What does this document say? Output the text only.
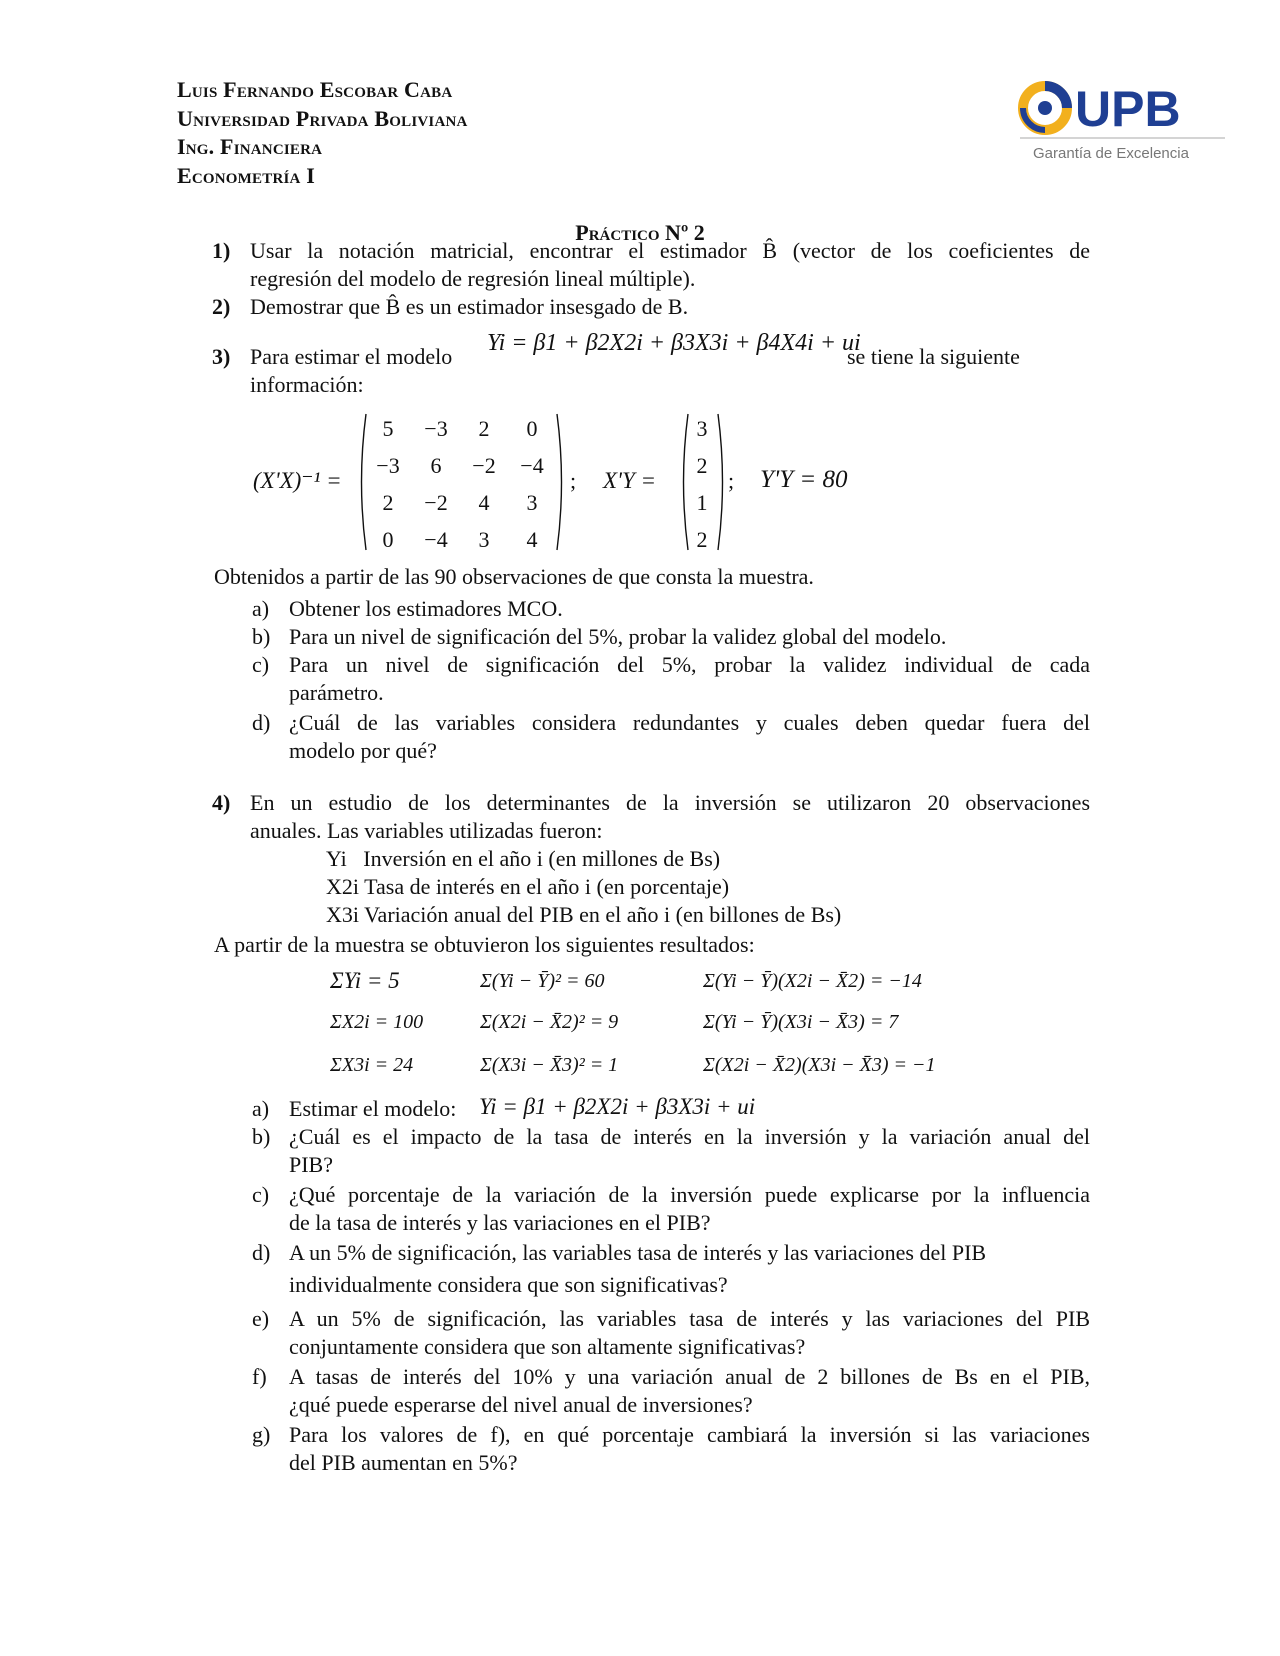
Luis Fernando Escobar Caba
Universidad Privada Boliviana
Ing. Financiera
Econometría I
UPB
Garantía de Excelencia
Práctico Nº 2
1) Usar la notación matricial, encontrar el estimador B̂ (vector de los coeficientes de
regresión del modelo de regresión lineal múltiple).
2) Demostrar que B̂ es un estimador insesgado de B.
3) Para estimar el modelo
Yi = β1 + β2X2i + β3X3i + β4X4i + ui
se tiene la siguiente
información:
(X'X)⁻¹ =
5	−3	2	0
−3	6	−2	−4
2	−2	4	3
0	−4	3	4
; X'Y =
3
2
1
2
; Y'Y = 80
Obtenidos a partir de las 90 observaciones de que consta la muestra.
a) Obtener los estimadores MCO.
b) Para un nivel de significación del 5%, probar la validez global del modelo.
c) Para un nivel de significación del 5%, probar la validez individual de cada
parámetro.
d) ¿Cuál de las variables considera redundantes y cuales deben quedar fuera del
modelo por qué?
4) En un estudio de los determinantes de la inversión se utilizaron 20 observaciones
anuales. Las variables utilizadas fueron:
Yi   Inversión en el año i (en millones de Bs)
X2i Tasa de interés en el año i (en porcentaje)
X3i Variación anual del PIB en el año i (en billones de Bs)
A partir de la muestra se obtuvieron los siguientes resultados:
ΣYi = 5	Σ(Yi − Ȳ)² = 60	Σ(Yi − Ȳ)(X2i − X̄2) = −14
ΣX2i = 100	Σ(X2i − X̄2)² = 9	Σ(Yi − Ȳ)(X3i − X̄3) = 7
ΣX3i = 24	Σ(X3i − X̄3)² = 1	Σ(X2i − X̄2)(X3i − X̄3) = −1
a) Estimar el modelo: Yi = β1 + β2X2i + β3X3i + ui
b) ¿Cuál es el impacto de la tasa de interés en la inversión y la variación anual del
PIB?
c) ¿Qué porcentaje de la variación de la inversión puede explicarse por la influencia
de la tasa de interés y las variaciones en el PIB?
d) A un 5% de significación, las variables tasa de interés y las variaciones del PIB
individualmente considera que son significativas?
e) A un 5% de significación, las variables tasa de interés y las variaciones del PIB
conjuntamente considera que son altamente significativas?
f) A tasas de interés del 10% y una variación anual de 2 billones de Bs en el PIB,
¿qué puede esperarse del nivel anual de inversiones?
g) Para los valores de f), en qué porcentaje cambiará la inversión si las variaciones
del PIB aumentan en 5%?
